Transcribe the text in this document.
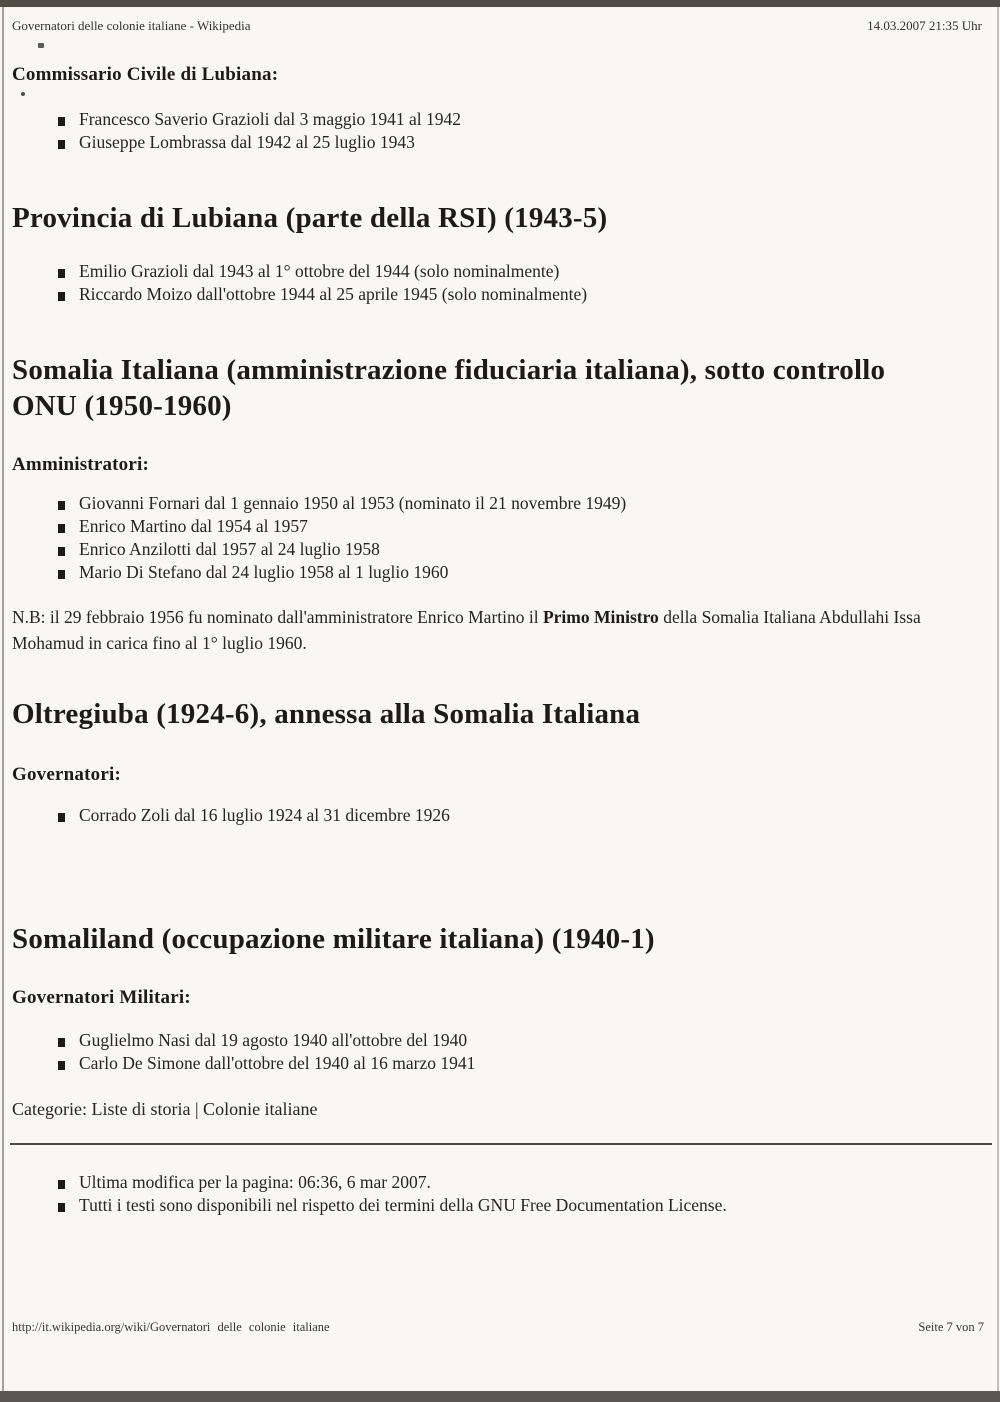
Governatori delle colonie italiane - Wikipedia	14.03.2007 21:35 Uhr
Commissario Civile di Lubiana:
Francesco Saverio Grazioli dal 3 maggio 1941 al 1942
Giuseppe Lombrassa dal 1942 al 25 luglio 1943
Provincia di Lubiana (parte della RSI) (1943-5)
Emilio Grazioli dal 1943 al 1° ottobre del 1944 (solo nominalmente)
Riccardo Moizo dall'ottobre 1944 al 25 aprile 1945 (solo nominalmente)
Somalia Italiana (amministrazione fiduciaria italiana), sotto controllo
ONU (1950-1960)
Amministratori:
Giovanni Fornari dal 1 gennaio 1950 al 1953 (nominato il 21 novembre 1949)
Enrico Martino dal 1954 al 1957
Enrico Anzilotti dal 1957 al 24 luglio 1958
Mario Di Stefano dal 24 luglio 1958 al 1 luglio 1960

N.B: il 29 febbraio 1956 fu nominato dall'amministratore Enrico Martino il Primo Ministro della Somalia Italiana Abdullahi Issa Mohamud in carica fino al 1° luglio 1960.

Oltregiuba (1924-6), annessa alla Somalia Italiana
Governatori:
Corrado Zoli dal 16 luglio 1924 al 31 dicembre 1926
Somaliland (occupazione militare italiana) (1940-1)
Governatori Militari:
Guglielmo Nasi dal 19 agosto 1940 all'ottobre del 1940
Carlo De Simone dall'ottobre del 1940 al 16 marzo 1941

Categorie: Liste di storia | Colonie italiane

Ultima modifica per la pagina: 06:36, 6 mar 2007.
Tutti i testi sono disponibili nel rispetto dei termini della GNU Free Documentation License.
http://it.wikipedia.org/wiki/Governatori delle colonie italiane	Seite 7 von 7
